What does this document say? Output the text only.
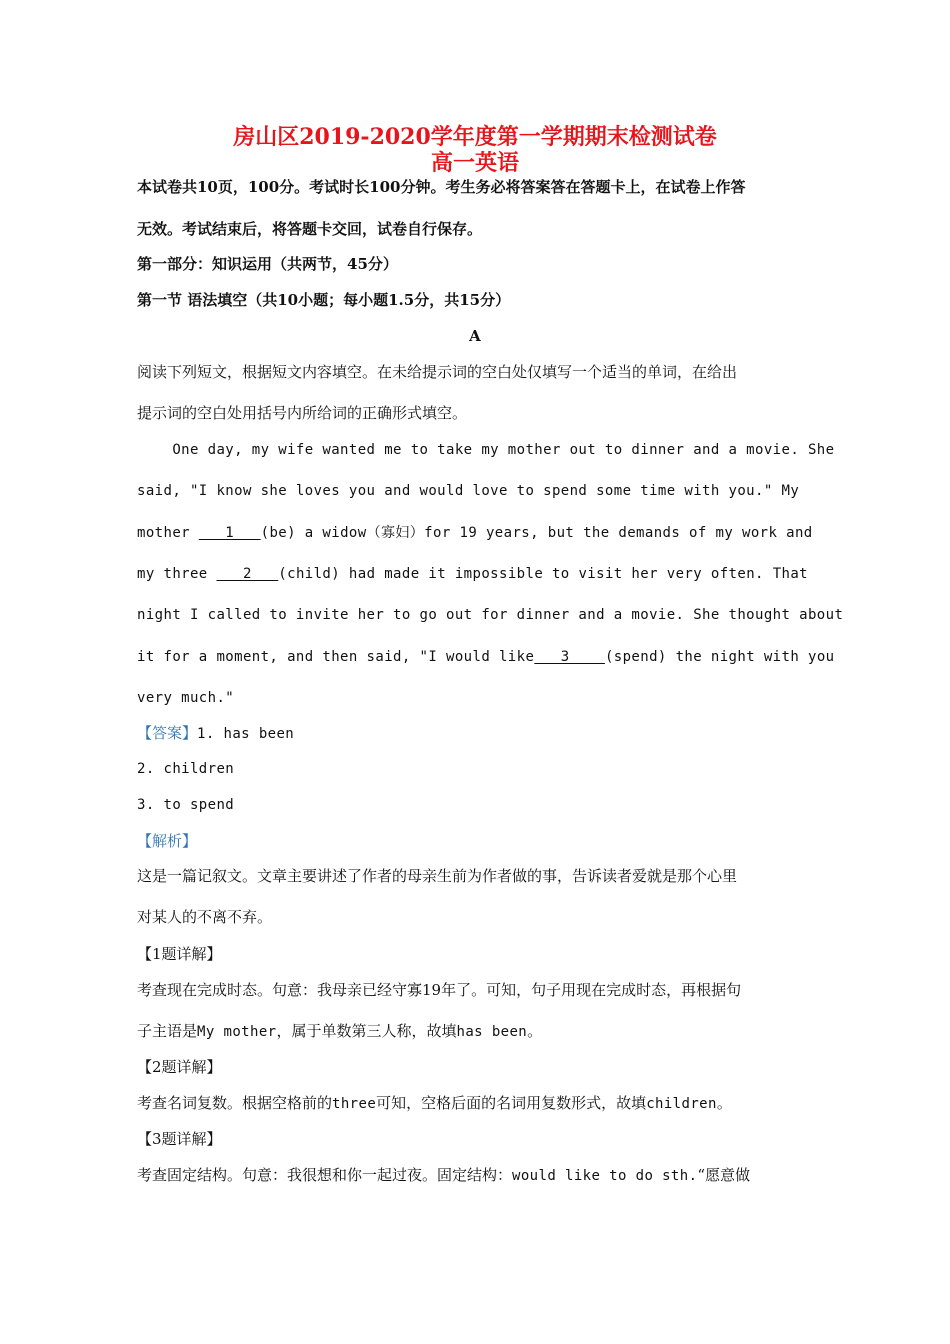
房山区2019-2020学年度第一学期期末检测试卷
高一英语
本试卷共10页，100分。考试时长100分钟。考生务必将答案答在答题卡上，在试卷上作答
无效。考试结束后，将答题卡交回，试卷自行保存。
第一部分：知识运用（共两节，45分）
第一节 语法填空（共10小题；每小题1.5分，共15分）
A
阅读下列短文，根据短文内容填空。在未给提示词的空白处仅填写一个适当的单词，在给出
提示词的空白处用括号内所给词的正确形式填空。
One day, my wife wanted me to take my mother out to dinner and a movie. She
said, "I know she loves you and would love to spend some time with you." My
mother    1   (be) a widow（寡妇）for 19 years, but the demands of my work and
my three    2   (child) had made it impossible to visit her very often. That
night I called to invite her to go out for dinner and a movie. She thought about
it for a moment, and then said, "I would like   3    (spend) the night with you
very much."
【答案】1. has been
2. children
3. to spend
【解析】
这是一篇记叙文。文章主要讲述了作者的母亲生前为作者做的事，告诉读者爱就是那个心里
对某人的不离不弃。
【1题详解】
考查现在完成时态。句意：我母亲已经守寡19年了。可知，句子用现在完成时态，再根据句
子主语是My mother，属于单数第三人称，故填has been。
【2题详解】
考查名词复数。根据空格前的three可知，空格后面的名词用复数形式，故填children。
【3题详解】
考查固定结构。句意：我很想和你一起过夜。固定结构：would like to do sth.“愿意做
